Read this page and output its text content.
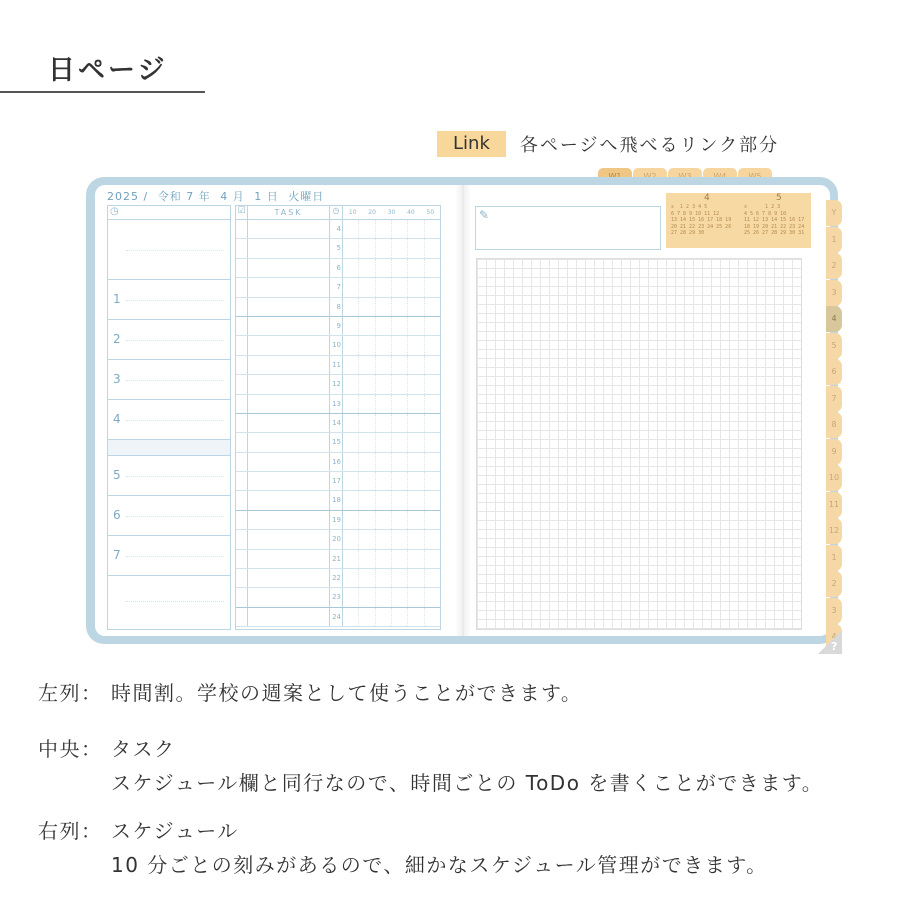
日ページ
Link	各ページへ飛べるリンク部分
2025 / 令和 7 年 4 月 1 日 火曜日
◷
1
2
3
4
5
6
7
☑	TASK	◷	10	20	30	40	50
4
5
6
7
8
9
10
11
12
13
14
15
16
17
18
19
20
21
22
23
24
✎
4	5
s  1 2 3 4 5
6 7 8 9 10 11 12
13 14 15 16 17 18 19
20 21 22 23 24 25 26
27 28 29 30
s      1 2 3
4 5 6 7 8 9 10
11 12 13 14 15 16 17
18 19 20 21 22 23 24
25 26 27 28 29 30 31
Y
1
2
3
4
5
6
7
8
9
10
11
12
1
2
3
4
?
左列： 時間割。学校の週案として使うことができます。
中央： タスク
スケジュール欄と同行なので、時間ごとの ToDo を書くことができます。
右列： スケジュール
10 分ごとの刻みがあるので、細かなスケジュール管理ができます。
